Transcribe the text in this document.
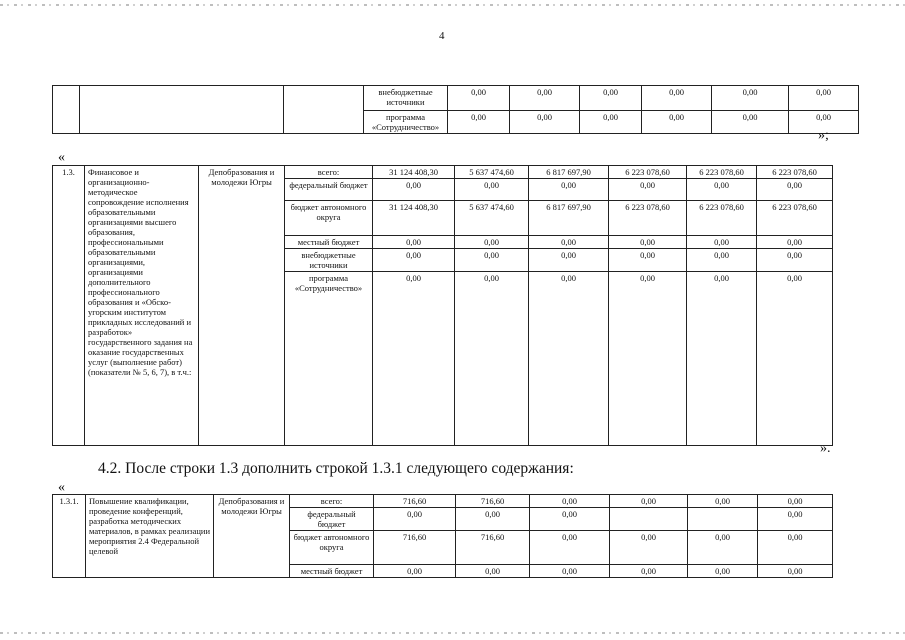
4
			внебюджетные источники	0,00	0,00	0,00	0,00	0,00	0,00
			программа «Сотрудничество»	0,00	0,00	0,00	0,00	0,00	0,00
»;
«
1.3.	Финансовое и организационно-методическое сопровождение исполнения образовательными организациями высшего образования, профессиональными образовательными организациями, организациями дополнительного профессионального образования и «Обско-угорским институтом прикладных исследований и разработок» государственного задания на оказание государственных услуг (выполнение работ) (показатели № 5, 6, 7), в т.ч.:	Депобразования и молодежи Югры	всего:	31 124 408,30	5 637 474,60	6 817 697,90	6 223 078,60	6 223 078,60	6 223 078,60
			федеральный бюджет	0,00	0,00	0,00	0,00	0,00	0,00
			бюджет автономного округа	31 124 408,30	5 637 474,60	6 817 697,90	6 223 078,60	6 223 078,60	6 223 078,60
			местный бюджет	0,00	0,00	0,00	0,00	0,00	0,00
			внебюджетные источники	0,00	0,00	0,00	0,00	0,00	0,00
			программа «Сотрудничество»	0,00	0,00	0,00	0,00	0,00	0,00
».
4.2. После строки 1.3 дополнить строкой 1.3.1 следующего содержания:
«
1.3.1.	Повышение квалификации, проведение конференций, разработка методических материалов, в рамках реализации мероприятия 2.4 Федеральной целевой	Депобразования и молодежи Югры	всего:	716,60	716,60	0,00	0,00	0,00	0,00
			федеральный бюджет	0,00	0,00	0,00			0,00
			бюджет автономного округа	716,60	716,60	0,00	0,00	0,00	0,00
			местный бюджет	0,00	0,00	0,00	0,00	0,00	0,00
